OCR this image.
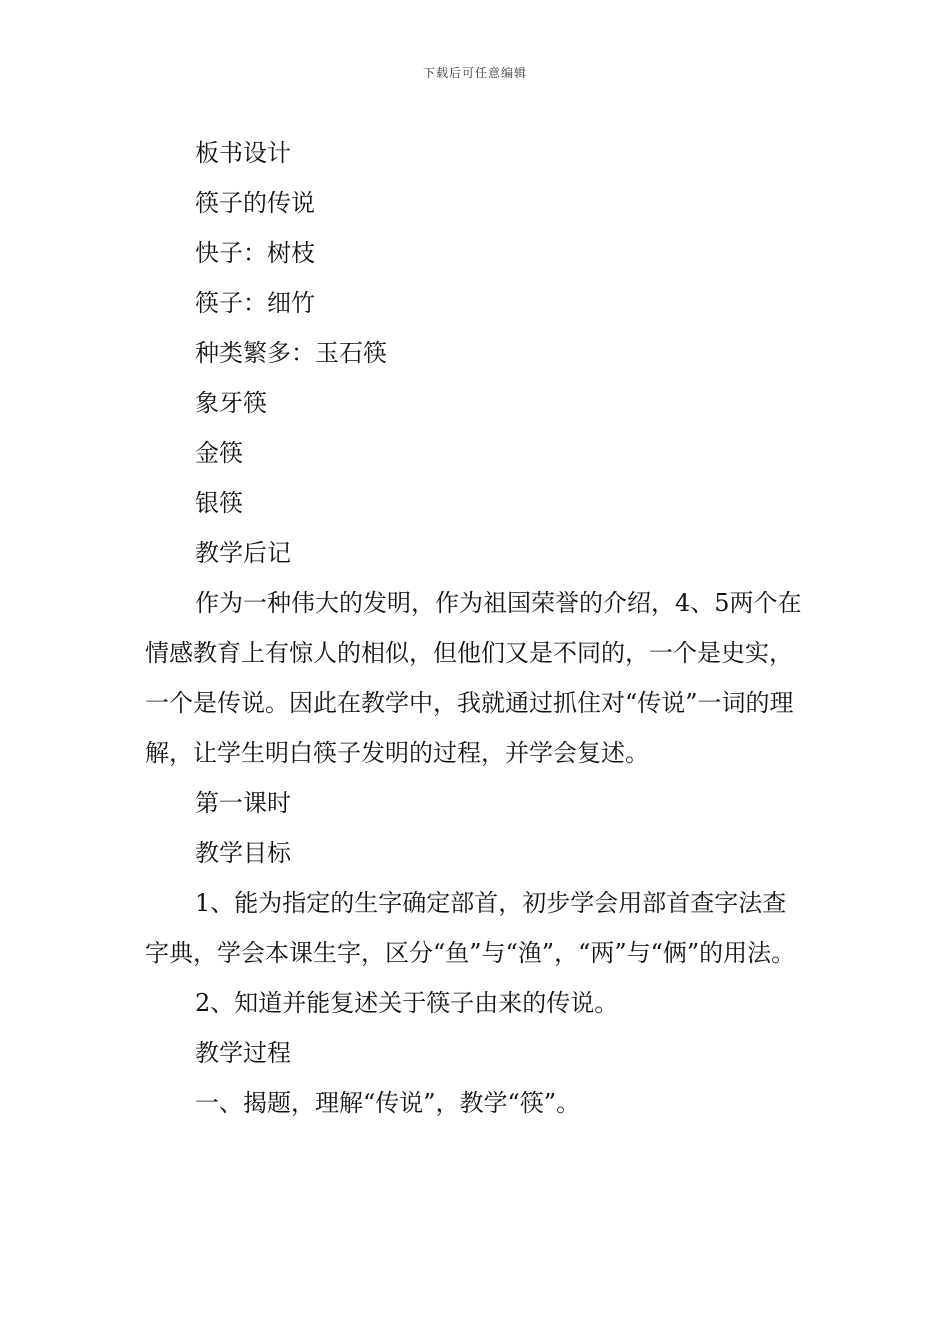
下载后可任意编辑
板书设计
筷子的传说
快子：树枝
筷子：细竹
种类繁多：玉石筷
象牙筷
金筷
银筷
教学后记

作为一种伟大的发明，作为祖国荣誉的介绍，4、5两个在情感教育上有惊人的相似，但他们又是不同的，一个是史实，一个是传说。因此在教学中，我就通过抓住对“传说”一词的理解，让学生明白筷子发明的过程，并学会复述。

第一课时
教学目标

1、能为指定的生字确定部首，初步学会用部首查字法查字典，学会本课生字，区分“鱼”与“渔”，“两”与“俩”的用法。

2、知道并能复述关于筷子由来的传说。
教学过程
一、揭题，理解“传说”，教学“筷”。
